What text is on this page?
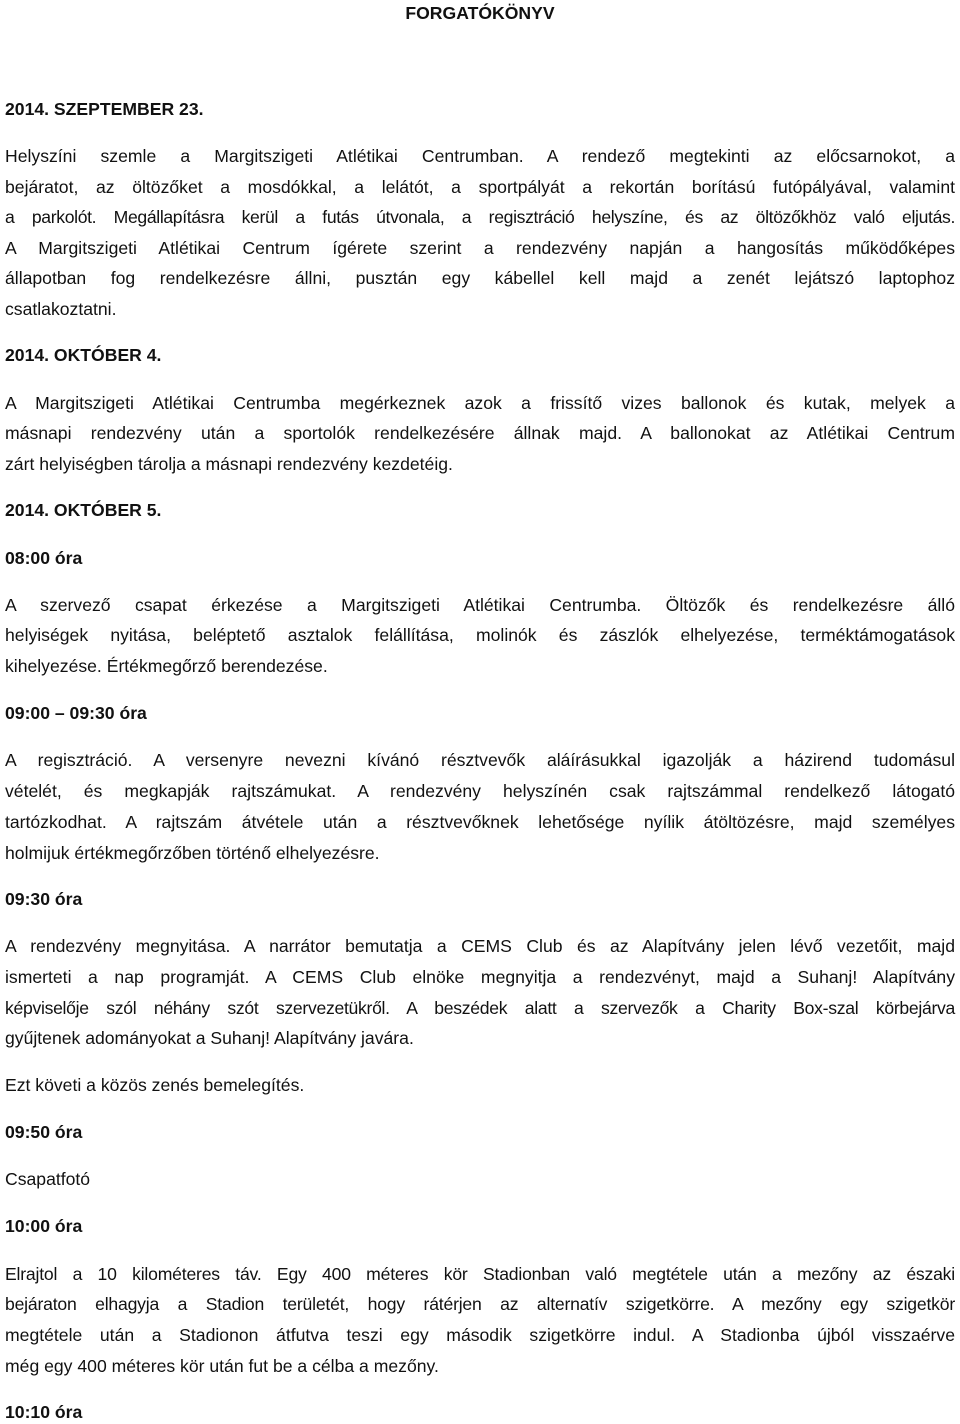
FORGATÓKÖNYV
2014. SZEPTEMBER 23.
Helyszíni szemle a Margitszigeti Atlétikai Centrumban. A rendező megtekinti az előcsarnokot, a
bejáratot, az öltözőket a mosdókkal, a lelátót, a sportpályát a rekortán borítású futópályával, valamint
a parkolót. Megállapításra kerül a futás útvonala, a regisztráció helyszíne, és az öltözőkhöz való eljutás.
A Margitszigeti Atlétikai Centrum ígérete szerint a rendezvény napján a hangosítás működőképes
állapotban fog rendelkezésre állni, pusztán egy kábellel kell majd a zenét lejátszó laptophoz
csatlakoztatni.
2014. OKTÓBER 4.
A Margitszigeti Atlétikai Centrumba megérkeznek azok a frissítő vizes ballonok és kutak, melyek a
másnapi rendezvény után a sportolók rendelkezésére állnak majd. A ballonokat az Atlétikai Centrum
zárt helyiségben tárolja a másnapi rendezvény kezdetéig.
2014. OKTÓBER 5.
08:00 óra
A szervező csapat érkezése a Margitszigeti Atlétikai Centrumba. Öltözők és rendelkezésre álló
helyiségek nyitása, beléptető asztalok felállítása, molinók és zászlók elhelyezése, terméktámogatások
kihelyezése. Értékmegőrző berendezése.
09:00 – 09:30 óra
A regisztráció. A versenyre nevezni kívánó résztvevők aláírásukkal igazolják a házirend tudomásul
vételét, és megkapják rajtszámukat. A rendezvény helyszínén csak rajtszámmal rendelkező látogató
tartózkodhat. A rajtszám átvétele után a résztvevőknek lehetősége nyílik átöltözésre, majd személyes
holmijuk értékmegőrzőben történő elhelyezésre.
09:30 óra
A rendezvény megnyitása. A narrátor bemutatja a CEMS Club és az Alapítvány jelen lévő vezetőit, majd
ismerteti a nap programját. A CEMS Club elnöke megnyitja a rendezvényt, majd a Suhanj! Alapítvány
képviselője szól néhány szót szervezetükről. A beszédek alatt a szervezők a Charity Box-szal körbejárva
gyűjtenek adományokat a Suhanj! Alapítvány javára.
Ezt követi a közös zenés bemelegítés.
09:50 óra
Csapatfotó
10:00 óra
Elrajtol a 10 kilométeres táv. Egy 400 méteres kör Stadionban való megtétele után a mezőny az északi
bejáraton elhagyja a Stadion területét, hogy rátérjen az alternatív szigetkörre. A mezőny egy szigetkör
megtétele után a Stadionon átfutva teszi egy második szigetkörre indul. A Stadionba újból visszaérve
még egy 400 méteres kör után fut be a célba a mezőny.
10:10 óra
